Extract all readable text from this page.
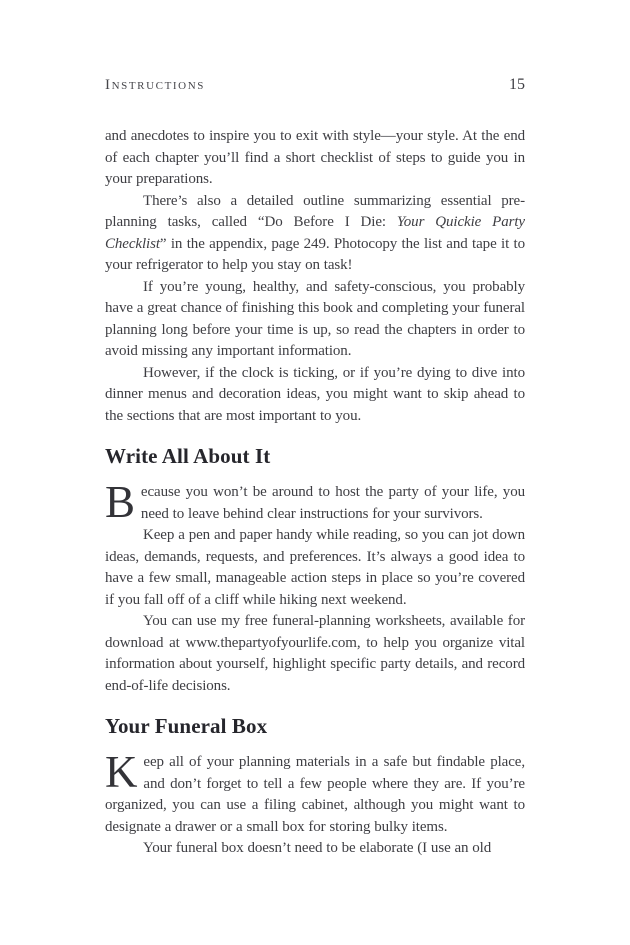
Instructions	15

and anecdotes to inspire you to exit with style—your style. At the end of each chapter you’ll find a short checklist of steps to guide you in your preparations.

There’s also a detailed outline summarizing essential pre-planning tasks, called “Do Before I Die: Your Quickie Party Checklist” in the appendix, page 249. Photocopy the list and tape it to your refrigerator to help you stay on task!

If you’re young, healthy, and safety-conscious, you probably have a great chance of finishing this book and completing your funeral planning long before your time is up, so read the chapters in order to avoid missing any important information.

However, if the clock is ticking, or if you’re dying to dive into dinner menus and decoration ideas, you might want to skip ahead to the sections that are most important to you.

Write All About It

Because you won’t be around to host the party of your life, you need to leave behind clear instructions for your survivors.

Keep a pen and paper handy while reading, so you can jot down ideas, demands, requests, and preferences. It’s always a good idea to have a few small, manageable action steps in place so you’re covered if you fall off of a cliff while hiking next weekend.

You can use my free funeral-planning worksheets, available for download at www.thepartyofyourlife.com, to help you organize vital information about yourself, highlight specific party details, and record end-of-life decisions.

Your Funeral Box

Keep all of your planning materials in a safe but findable place, and don’t forget to tell a few people where they are. If you’re organized, you can use a filing cabinet, although you might want to designate a drawer or a small box for storing bulky items.

Your funeral box doesn’t need to be elaborate (I use an old
